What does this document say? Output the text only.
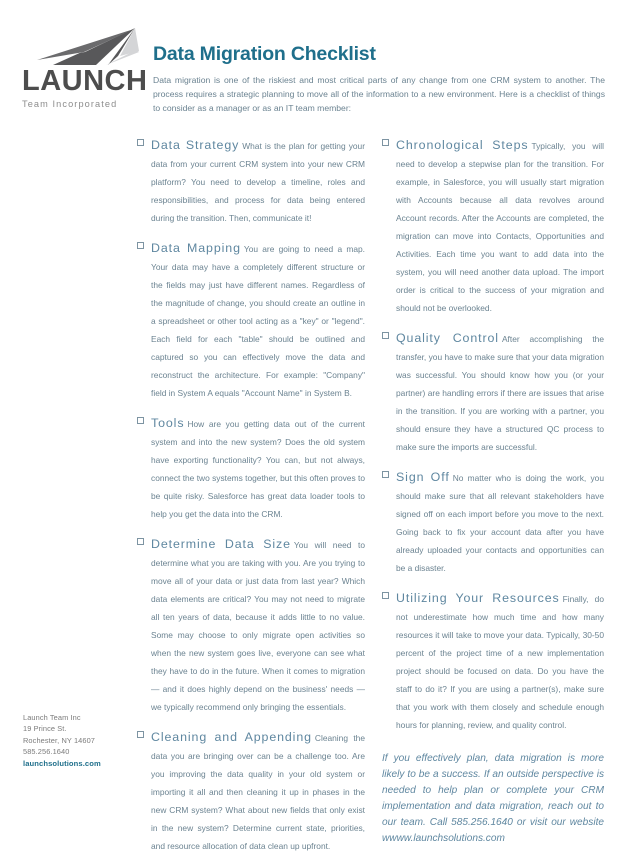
LAUNCH
Team Incorporated
Data Migration Checklist

Data migration is one of the riskiest and most critical parts of any change from one CRM system to another. The process requires a strategic planning to move all of the information to a new environment. Here is a checklist of things to consider as a manager or as an IT team member:

Data Strategy What is the plan for getting your data from your current CRM system into your new CRM platform? You need to develop a timeline, roles and responsibilities, and process for data being entered during the transition. Then, communicate it!
Data Mapping You are going to need a map. Your data may have a completely different structure or the fields may just have different names. Regardless of the magnitude of change, you should create an outline in a spreadsheet or other tool acting as a "key" or "legend". Each field for each "table" should be outlined and captured so you can effectively move the data and reconstruct the architecture. For example: "Company" field in System A equals "Account Name" in System B.
Tools How are you getting data out of the current system and into the new system? Does the old system have exporting functionality? You can, but not always, connect the two systems together, but this often proves to be quite risky. Salesforce has great data loader tools to help you get the data into the CRM.
Determine Data Size You will need to determine what you are taking with you. Are you trying to move all of your data or just data from last year? Which data elements are critical? You may not need to migrate all ten years of data, because it adds little to no value. Some may choose to only migrate open activities so when the new system goes live, everyone can see what they have to do in the future. When it comes to migration — and it does highly depend on the business' needs — we typically recommend only bringing the essentials.
Cleaning and Appending Cleaning the data you are bringing over can be a challenge too. Are you improving the data quality in your old system or importing it all and then cleaning it up in phases in the new CRM system? What about new fields that only exist in the new system? Determine current state, priorities, and resource allocation of data clean up upfront.
Chronological Steps Typically, you will need to develop a stepwise plan for the transition. For example, in Salesforce, you will usually start migration with Accounts because all data revolves around Account records. After the Accounts are completed, the migration can move into Contacts, Opportunities and Activities. Each time you want to add data into the system, you will need another data upload. The import order is critical to the success of your migration and should not be overlooked.
Quality Control After accomplishing the transfer, you have to make sure that your data migration was successful. You should know how you (or your partner) are handling errors if there are issues that arise in the transition. If you are working with a partner, you should ensure they have a structured QC process to make sure the imports are successful.
Sign Off No matter who is doing the work, you should make sure that all relevant stakeholders have signed off on each import before you move to the next. Going back to fix your account data after you have already uploaded your contacts and opportunities can be a disaster.
Utilizing Your Resources Finally, do not underestimate how much time and how many resources it will take to move your data. Typically, 30-50 percent of the project time of a new implementation project should be focused on data. Do you have the staff to do it? If you are using a partner(s), make sure that you work with them closely and schedule enough hours for planning, review, and quality control.
If you effectively plan, data migration is more likely to be a success. If an outside perspective is needed to help plan or complete your CRM implementation and data migration, reach out to our team. Call 585.256.1640 or visit our website wwww.launchsolutions.com
Launch Team Inc
19 Prince St.
Rochester, NY 14607
585.256.1640
launchsolutions.com
